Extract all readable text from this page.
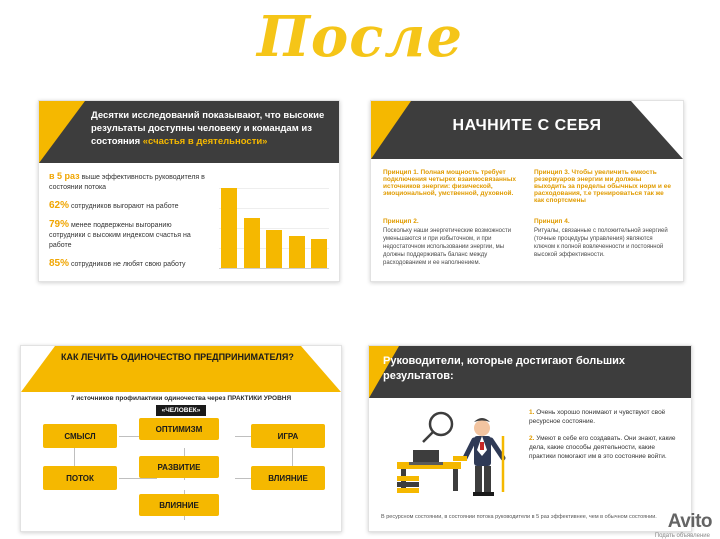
После
Десятки исследований показывают, что высокие результаты доступны человеку и командам из состояния «счастья в деятельности»

в 5 раз выше эффективность руководителя в состоянии потока

62% сотрудников выгорают на работе

79% менее подвержены выгоранию сотрудники с высоким индексом счастья на работе

85% сотрудников не любят свою работу

НАЧНИТЕ С СЕБЯ

Принцип 1. Полная мощность требует подключения четырех взаимосвязанных источников энергии: физической, эмоциональной, умственной, духовной.

Принцип 3. Чтобы увеличить емкость резервуаров энергии ми должны выходить за пределы обычных норм и ее расходования, т.е тренироваться так же как спортсмены

Принцип 2.

Поскольку наши энергетические возможности уменьшаются и при избыточном, и при недостаточном использовании энергии, мы должны поддерживать баланс между расходованием и ее наполнением.

Принцип 4.

Ритуалы, связанные с положительной энергией (точные процедуры управления) являются ключом к полной вовлеченности и постоянной высокой эффективности.

КАК ЛЕЧИТЬ ОДИНОЧЕСТВО ПРЕДПРИНИМАТЕЛЯ?
7 источников профилактики одиночества через ПРАКТИКИ УРОВНЯ
«ЧЕЛОВЕК»
СМЫСЛ
ОПТИМИЗМ
ИГРА
ПОТОК
РАЗВИТИЕ
ВЛИЯНИЕ
ВЛИЯНИЕ
Руководители, которые достигают больших результатов:

1. Очень хорошо понимают и чувствуют своё ресурсное состояние.

2. Умеют в себе его создавать. Они знают, какие дела, какие способы деятельности, какие практики помогают им в это состояние войти.

В ресурсном состоянии, в состоянии потока руководители в 5 раз эффективнее, чем в обычном состоянии. Avito
Подать объявление
